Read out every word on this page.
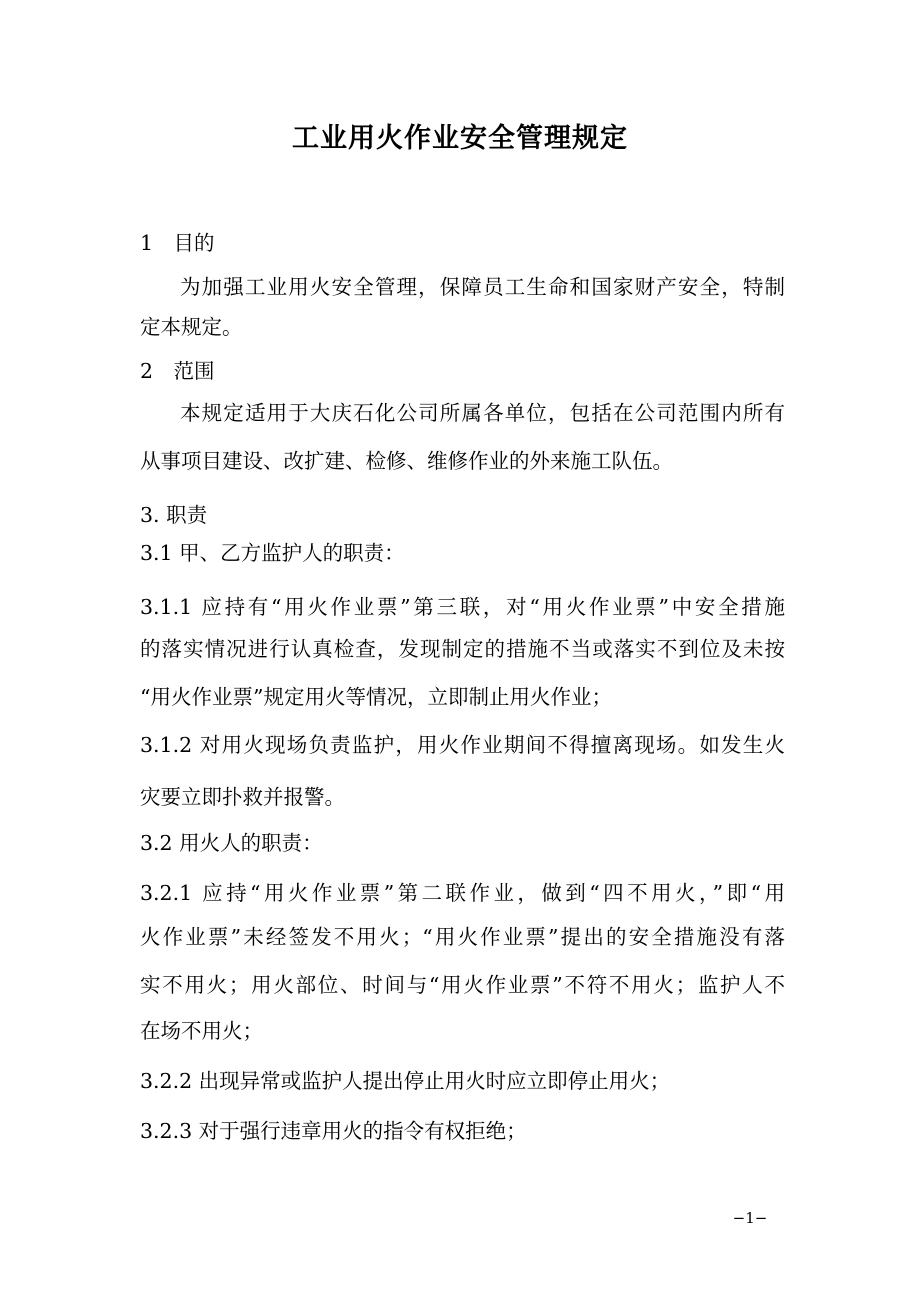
工业用火作业安全管理规定
1　目的
为加强工业用火安全管理，保障员工生命和国家财产安全，特制
定本规定。
2　范围
本规定适用于大庆石化公司所属各单位，包括在公司范围内所有
从事项目建设、改扩建、检修、维修作业的外来施工队伍。
3. 职责
3.1 甲、乙方监护人的职责：
3.1.1 应持有“用火作业票”第三联，对“用火作业票”中安全措施
的落实情况进行认真检查，发现制定的措施不当或落实不到位及未按
“用火作业票”规定用火等情况，立即制止用火作业；
3.1.2 对用火现场负责监护，用火作业期间不得擅离现场。如发生火
灾要立即扑救并报警。
3.2 用火人的职责：
3.2.1 应持“用火作业票”第二联作业，做到“四不用火，”即“用
火作业票”未经签发不用火；“用火作业票”提出的安全措施没有落
实不用火；用火部位、时间与“用火作业票”不符不用火；监护人不
在场不用火；
3.2.2 出现异常或监护人提出停止用火时应立即停止用火；
3.2.3 对于强行违章用火的指令有权拒绝；
−1−
